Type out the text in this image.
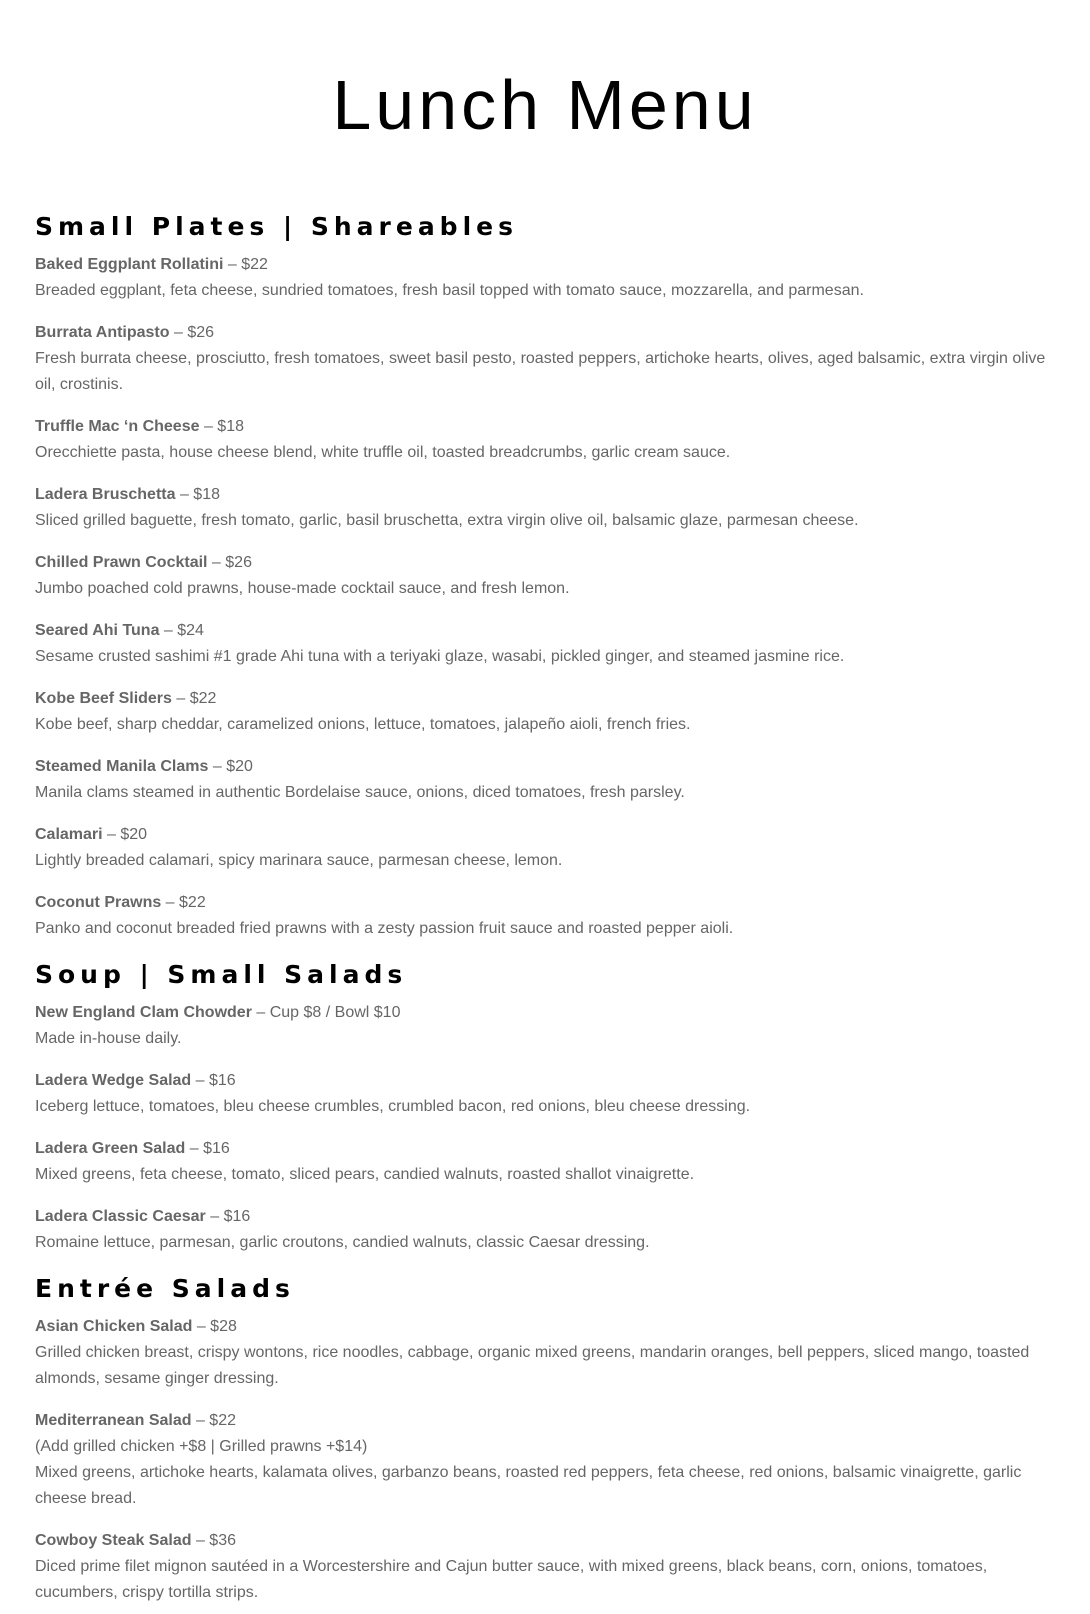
Lunch Menu
Small Plates | Shareables

Baked Eggplant Rollatini – $22

Breaded eggplant, feta cheese, sundried tomatoes, fresh basil topped with tomato sauce, mozzarella, and parmesan.

Burrata Antipasto – $26

Fresh burrata cheese, prosciutto, fresh tomatoes, sweet basil pesto, roasted peppers, artichoke hearts, olives, aged balsamic, extra virgin olive oil, crostinis.

Truffle Mac ‘n Cheese – $18

Orecchiette pasta, house cheese blend, white truffle oil, toasted breadcrumbs, garlic cream sauce.

Ladera Bruschetta – $18

Sliced grilled baguette, fresh tomato, garlic, basil bruschetta, extra virgin olive oil, balsamic glaze, parmesan cheese.

Chilled Prawn Cocktail – $26

Jumbo poached cold prawns, house-made cocktail sauce, and fresh lemon.

Seared Ahi Tuna – $24

Sesame crusted sashimi #1 grade Ahi tuna with a teriyaki glaze, wasabi, pickled ginger, and steamed jasmine rice.

Kobe Beef Sliders – $22

Kobe beef, sharp cheddar, caramelized onions, lettuce, tomatoes, jalapeño aioli, french fries.

Steamed Manila Clams – $20

Manila clams steamed in authentic Bordelaise sauce, onions, diced tomatoes, fresh parsley.

Calamari – $20

Lightly breaded calamari, spicy marinara sauce, parmesan cheese, lemon.

Coconut Prawns – $22

Panko and coconut breaded fried prawns with a zesty passion fruit sauce and roasted pepper aioli.

Soup | Small Salads

New England Clam Chowder – Cup $8 / Bowl $10

Made in-house daily.

Ladera Wedge Salad – $16

Iceberg lettuce, tomatoes, bleu cheese crumbles, crumbled bacon, red onions, bleu cheese dressing.

Ladera Green Salad – $16

Mixed greens, feta cheese, tomato, sliced pears, candied walnuts, roasted shallot vinaigrette.

Ladera Classic Caesar – $16

Romaine lettuce, parmesan, garlic croutons, candied walnuts, classic Caesar dressing.

Entrée Salads

Asian Chicken Salad – $28

Grilled chicken breast, crispy wontons, rice noodles, cabbage, organic mixed greens, mandarin oranges, bell peppers, sliced mango, toasted almonds, sesame ginger dressing.

Mediterranean Salad – $22

(Add grilled chicken +$8 | Grilled prawns +$14)

Mixed greens, artichoke hearts, kalamata olives, garbanzo beans, roasted red peppers, feta cheese, red onions, balsamic vinaigrette, garlic cheese bread.

Cowboy Steak Salad – $36

Diced prime filet mignon sautéed in a Worcestershire and Cajun butter sauce, with mixed greens, black beans, corn, onions, tomatoes, cucumbers, crispy tortilla strips.
